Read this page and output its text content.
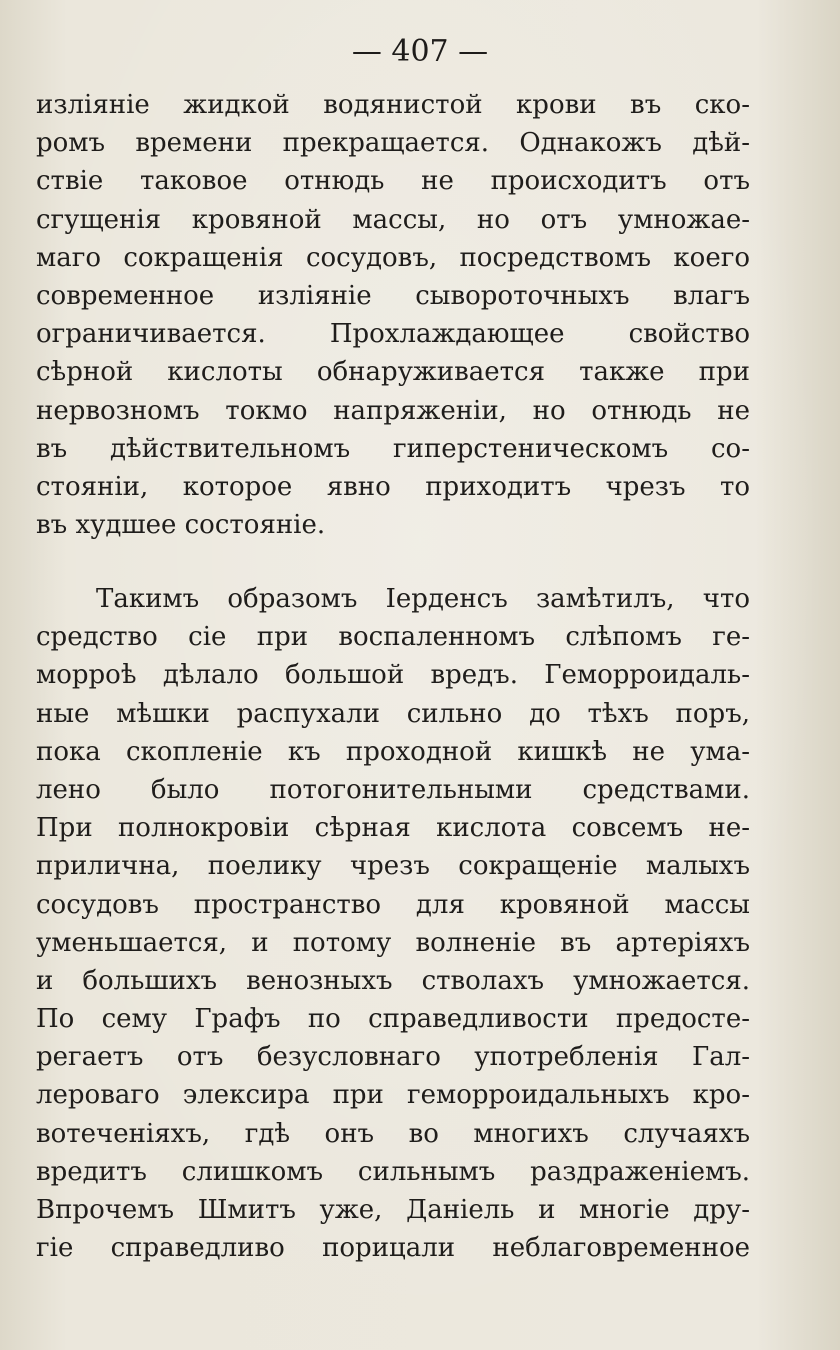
— 407 —
изліяніе жидкой водянистой крови въ ско-
ромъ времени прекращается. Однакожъ дѣй-
ствіе таковое отнюдь не происходитъ отъ
сгущенія кровяной массы, но отъ умножае-
маго сокращенія сосудовъ, посредствомъ коего
современное изліяніе сывороточныхъ влагъ
ограничивается. Прохлаждающее свойство
сѣрной кислоты обнаруживается также при
нервозномъ токмо напряженіи, но отнюдь не
въ дѣйствительномъ гиперстеническомъ со-
стояніи, которое явно приходитъ чрезъ то
въ худшее состояніе.
Такимъ образомъ Іерденсъ замѣтилъ, что
средство сіе при воспаленномъ слѣпомъ ге-
морроѣ дѣлало большой вредъ. Геморроидаль-
ные мѣшки распухали сильно до тѣхъ поръ,
пока скопленіе къ проходной кишкѣ не ума-
лено было потогонительными средствами.
При полнокровіи сѣрная кислота совсемъ не-
прилична, поелику чрезъ сокращеніе малыхъ
сосудовъ пространство для кровяной массы
уменьшается, и потому волненіе въ артеріяхъ
и большихъ венозныхъ стволахъ умножается.
По сему Графъ по справедливости предосте-
регаетъ отъ безусловнаго употребленія Гал-
лероваго элексира при геморроидальныхъ кро-
вотеченіяхъ, гдѣ онъ во многихъ случаяхъ
вредитъ слишкомъ сильнымъ раздраженіемъ.
Впрочемъ Шмитъ уже, Даніель и многіе дру-
гіе справедливо порицали неблаговременное
